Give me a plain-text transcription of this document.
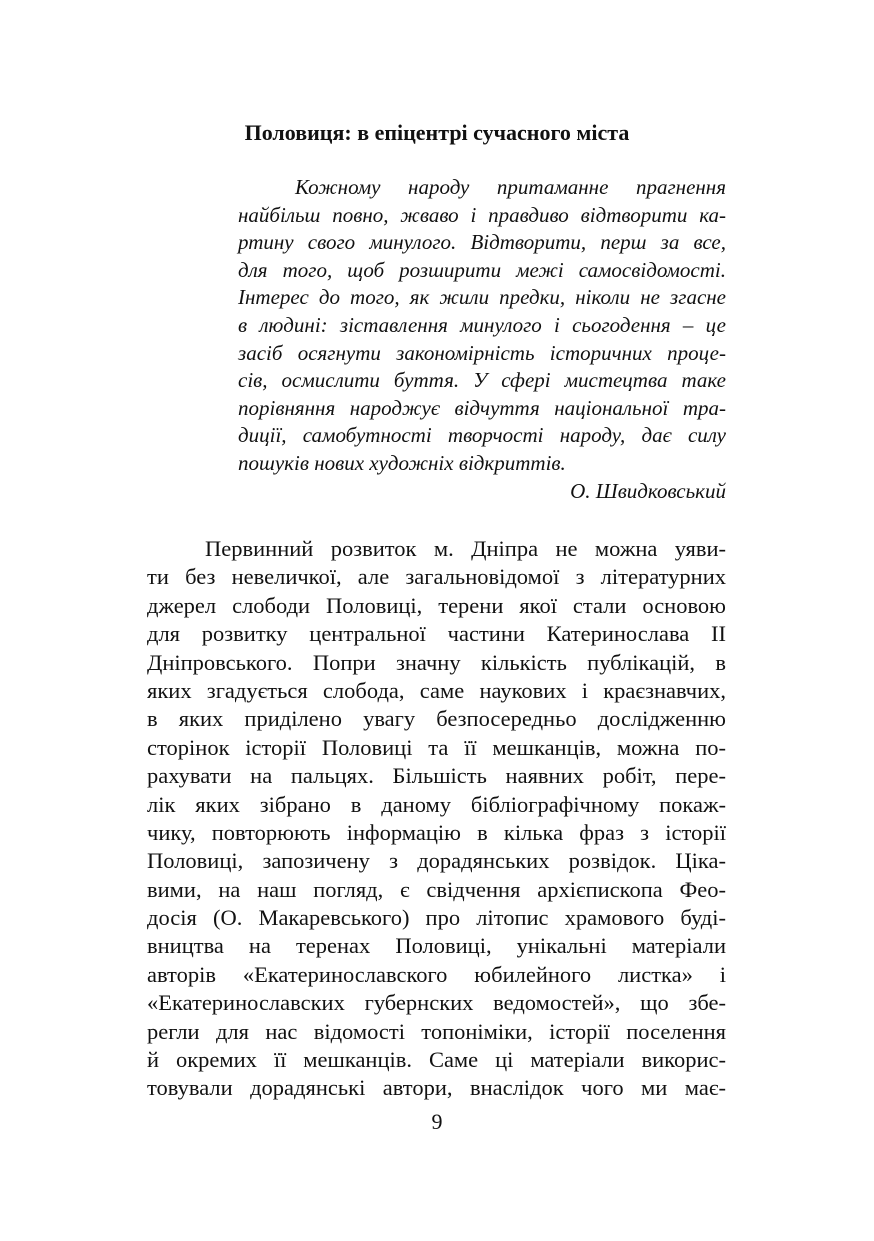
Половиця: в епіцентрі сучасного міста
Кожному народу притаманне прагнення
найбільш повно, жваво і правдиво відтворити ка-
ртину свого минулого. Відтворити, перш за все,
для того, щоб розширити межі самосвідомості.
Інтерес до того, як жили предки, ніколи не згасне
в людині: зіставлення минулого і сьогодення – це
засіб осягнути закономірність історичних проце-
сів, осмислити буття. У сфері мистецтва таке
порівняння народжує відчуття національної тра-
диції, самобутності творчості народу, дає силу
пошуків нових художніх відкриттів.
О. Швидковський
Первинний розвиток м. Дніпра не можна уяви-
ти без невеличкої, але загальновідомої з літературних
джерел слободи Половиці, терени якої стали основою
для розвитку центральної частини Катеринослава ІІ
Дніпровського. Попри значну кількість публікацій, в
яких згадується слобода, саме наукових і краєзнавчих,
в яких приділено увагу безпосередньо дослідженню
сторінок історії Половиці та її мешканців, можна по-
рахувати на пальцях. Більшість наявних робіт, пере-
лік яких зібрано в даному бібліографічному покаж-
чику, повторюють інформацію в кілька фраз з історії
Половиці, запозичену з дорадянських розвідок. Ціка-
вими, на наш погляд, є свідчення архієпископа Фео-
досія (О. Макаревського) про літопис храмового буді-
вництва на теренах Половиці, унікальні матеріали
авторів «Екатеринославского юбилейного листка» і
«Екатеринославских губернских ведомостей», що збе-
регли для нас відомості топоніміки, історії поселення
й окремих її мешканців. Саме ці матеріали викорис-
товували дорадянські автори, внаслідок чого ми має-
9
